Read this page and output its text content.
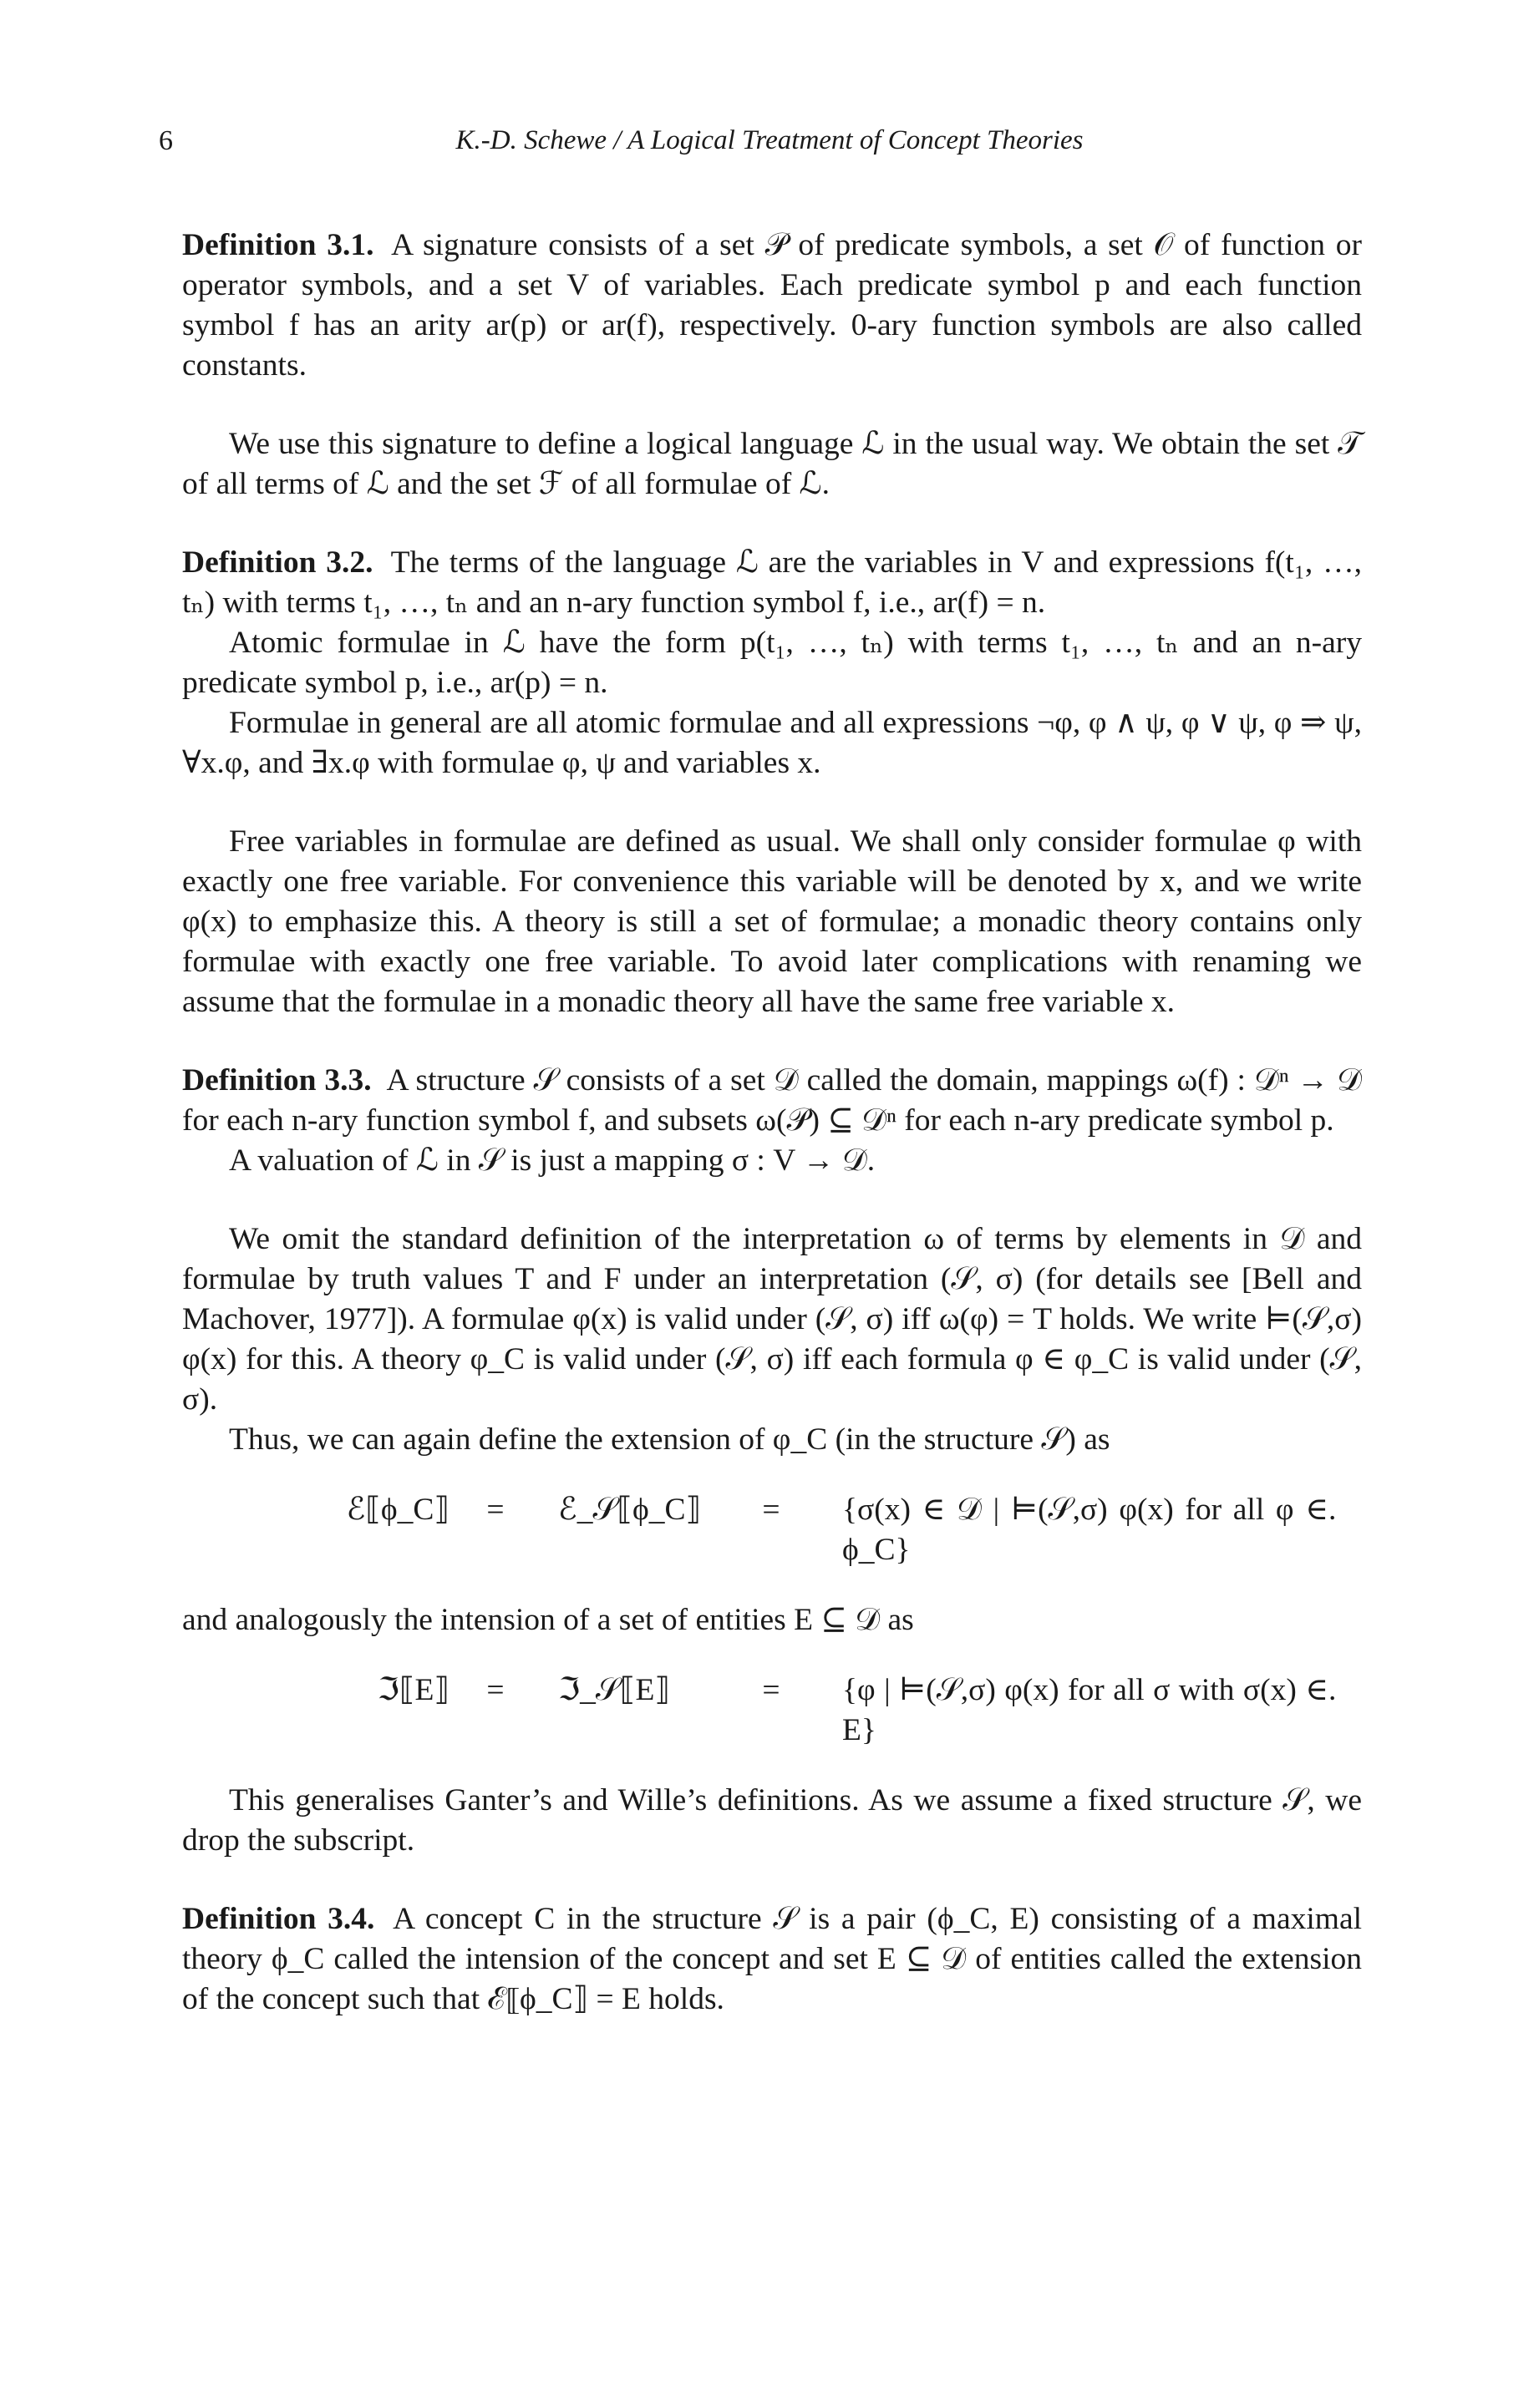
6	K.-D. Schewe / A Logical Treatment of Concept Theories

Definition 3.1. A signature consists of a set 𝒫 of predicate symbols, a set 𝒪 of function or operator symbols, and a set V of variables. Each predicate symbol p and each function symbol f has an arity ar(p) or ar(f), respectively. 0-ary function symbols are also called constants.

We use this signature to define a logical language ℒ in the usual way. We obtain the set 𝒯 of all terms of ℒ and the set ℱ of all formulae of ℒ.

Definition 3.2. The terms of the language ℒ are the variables in V and expressions f(t₁, …, tₙ) with terms t₁, …, tₙ and an n-ary function symbol f, i.e., ar(f) = n.

Atomic formulae in ℒ have the form p(t₁, …, tₙ) with terms t₁, …, tₙ and an n-ary predicate symbol p, i.e., ar(p) = n.

Formulae in general are all atomic formulae and all expressions ¬φ, φ ∧ ψ, φ ∨ ψ, φ ⇒ ψ, ∀x.φ, and ∃x.φ with formulae φ, ψ and variables x.

Free variables in formulae are defined as usual. We shall only consider formulae φ with exactly one free variable. For convenience this variable will be denoted by x, and we write φ(x) to emphasize this. A theory is still a set of formulae; a monadic theory contains only formulae with exactly one free variable. To avoid later complications with renaming we assume that the formulae in a monadic theory all have the same free variable x.

Definition 3.3. A structure 𝒮 consists of a set 𝒟 called the domain, mappings ω(f) : 𝒟ⁿ → 𝒟 for each n-ary function symbol f, and subsets ω(𝒫) ⊆ 𝒟ⁿ for each n-ary predicate symbol p.

A valuation of ℒ in 𝒮 is just a mapping σ : V → 𝒟.

We omit the standard definition of the interpretation ω of terms by elements in 𝒟 and formulae by truth values T and F under an interpretation (𝒮, σ) (for details see [Bell and Machover, 1977]). A formulae φ(x) is valid under (𝒮, σ) iff ω(φ) = T holds. We write ⊨(𝒮,σ) φ(x) for this. A theory φ_C is valid under (𝒮, σ) iff each formula φ ∈ φ_C is valid under (𝒮, σ).

Thus, we can again define the extension of φ_C (in the structure 𝒮) as

ℰ⟦ϕ_C⟧	=	ℰ_𝒮⟦ϕ_C⟧	=	{σ(x) ∈ 𝒟 | ⊨(𝒮,σ) φ(x) for all φ ∈ ϕ_C}
.

and analogously the intension of a set of entities E ⊆ 𝒟 as

ℑ⟦E⟧	=	ℑ_𝒮⟦E⟧	=	{φ | ⊨(𝒮,σ) φ(x) for all σ with σ(x) ∈ E}
.

This generalises Ganter’s and Wille’s definitions. As we assume a fixed structure 𝒮, we drop the subscript.

Definition 3.4. A concept C in the structure 𝒮 is a pair (ϕ_C, E) consisting of a maximal theory ϕ_C called the intension of the concept and set E ⊆ 𝒟 of entities called the extension of the concept such that ℰ⟦ϕ_C⟧ = E holds.
